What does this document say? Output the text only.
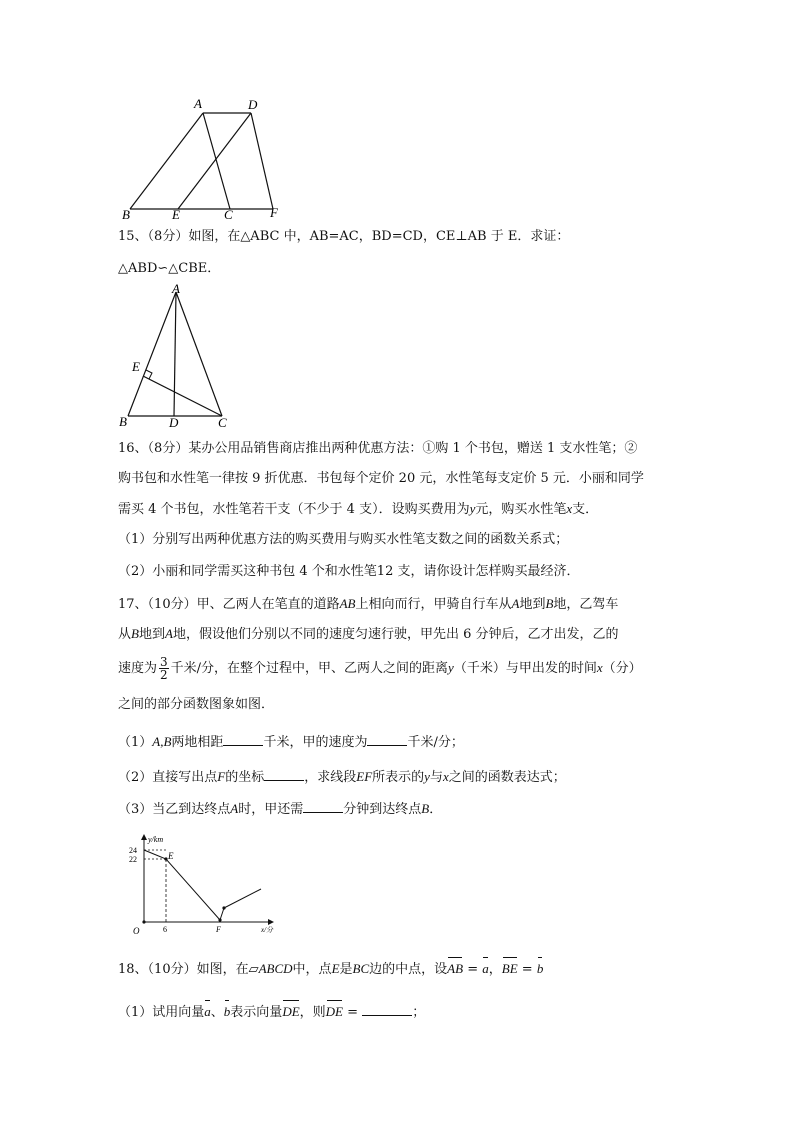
A	D
B	E	C	F
15、（8分）如图，在△ABC 中，AB=AC，BD=CD，CE⊥AB 于 E．求证：
△ABD∽△CBE．
A
E
B	D	C
16、（8分）某办公用品销售商店推出两种优惠方法：①购 1 个书包，赠送 1 支水性笔；②
购书包和水性笔一律按 9 折优惠．书包每个定价 20 元，水性笔每支定价 5 元．小丽和同学
需买 4 个书包，水性笔若干支（不少于 4 支）．设购买费用为y元，购买水性笔x支．
（1）分别写出两种优惠方法的购买费用与购买水性笔支数之间的函数关系式；
（2）小丽和同学需买这种书包 4 个和水性笔12 支，请你设计怎样购买最经济．
17、（10分）甲、乙两人在笔直的道路AB上相向而行，甲骑自行车从A地到B地，乙驾车
从B地到A地，假设他们分别以不同的速度匀速行驶，甲先出 6 分钟后，乙才出发，乙的
速度为 $\frac{3}{2}$ 千米/分，在整个过程中，甲、乙两人之间的距离y（千米）与甲出发的时间x（分）
之间的部分函数图象如图．
（1）A,B两地相距	千米，甲的速度为	千米/分；
（2）直接写出点F的坐标	，求线段EF所表示的y与x之间的函数表达式；
（3）当乙到达终点A时，甲还需	分钟到达终点B．
y/km
24
22
O	6
E
F	x/分
18、（10分）如图，在▱ABCD中，点E是BC边的中点，设AB = a，BE = b
（1）试用向量a、b表示向量DE，则DE =	；
